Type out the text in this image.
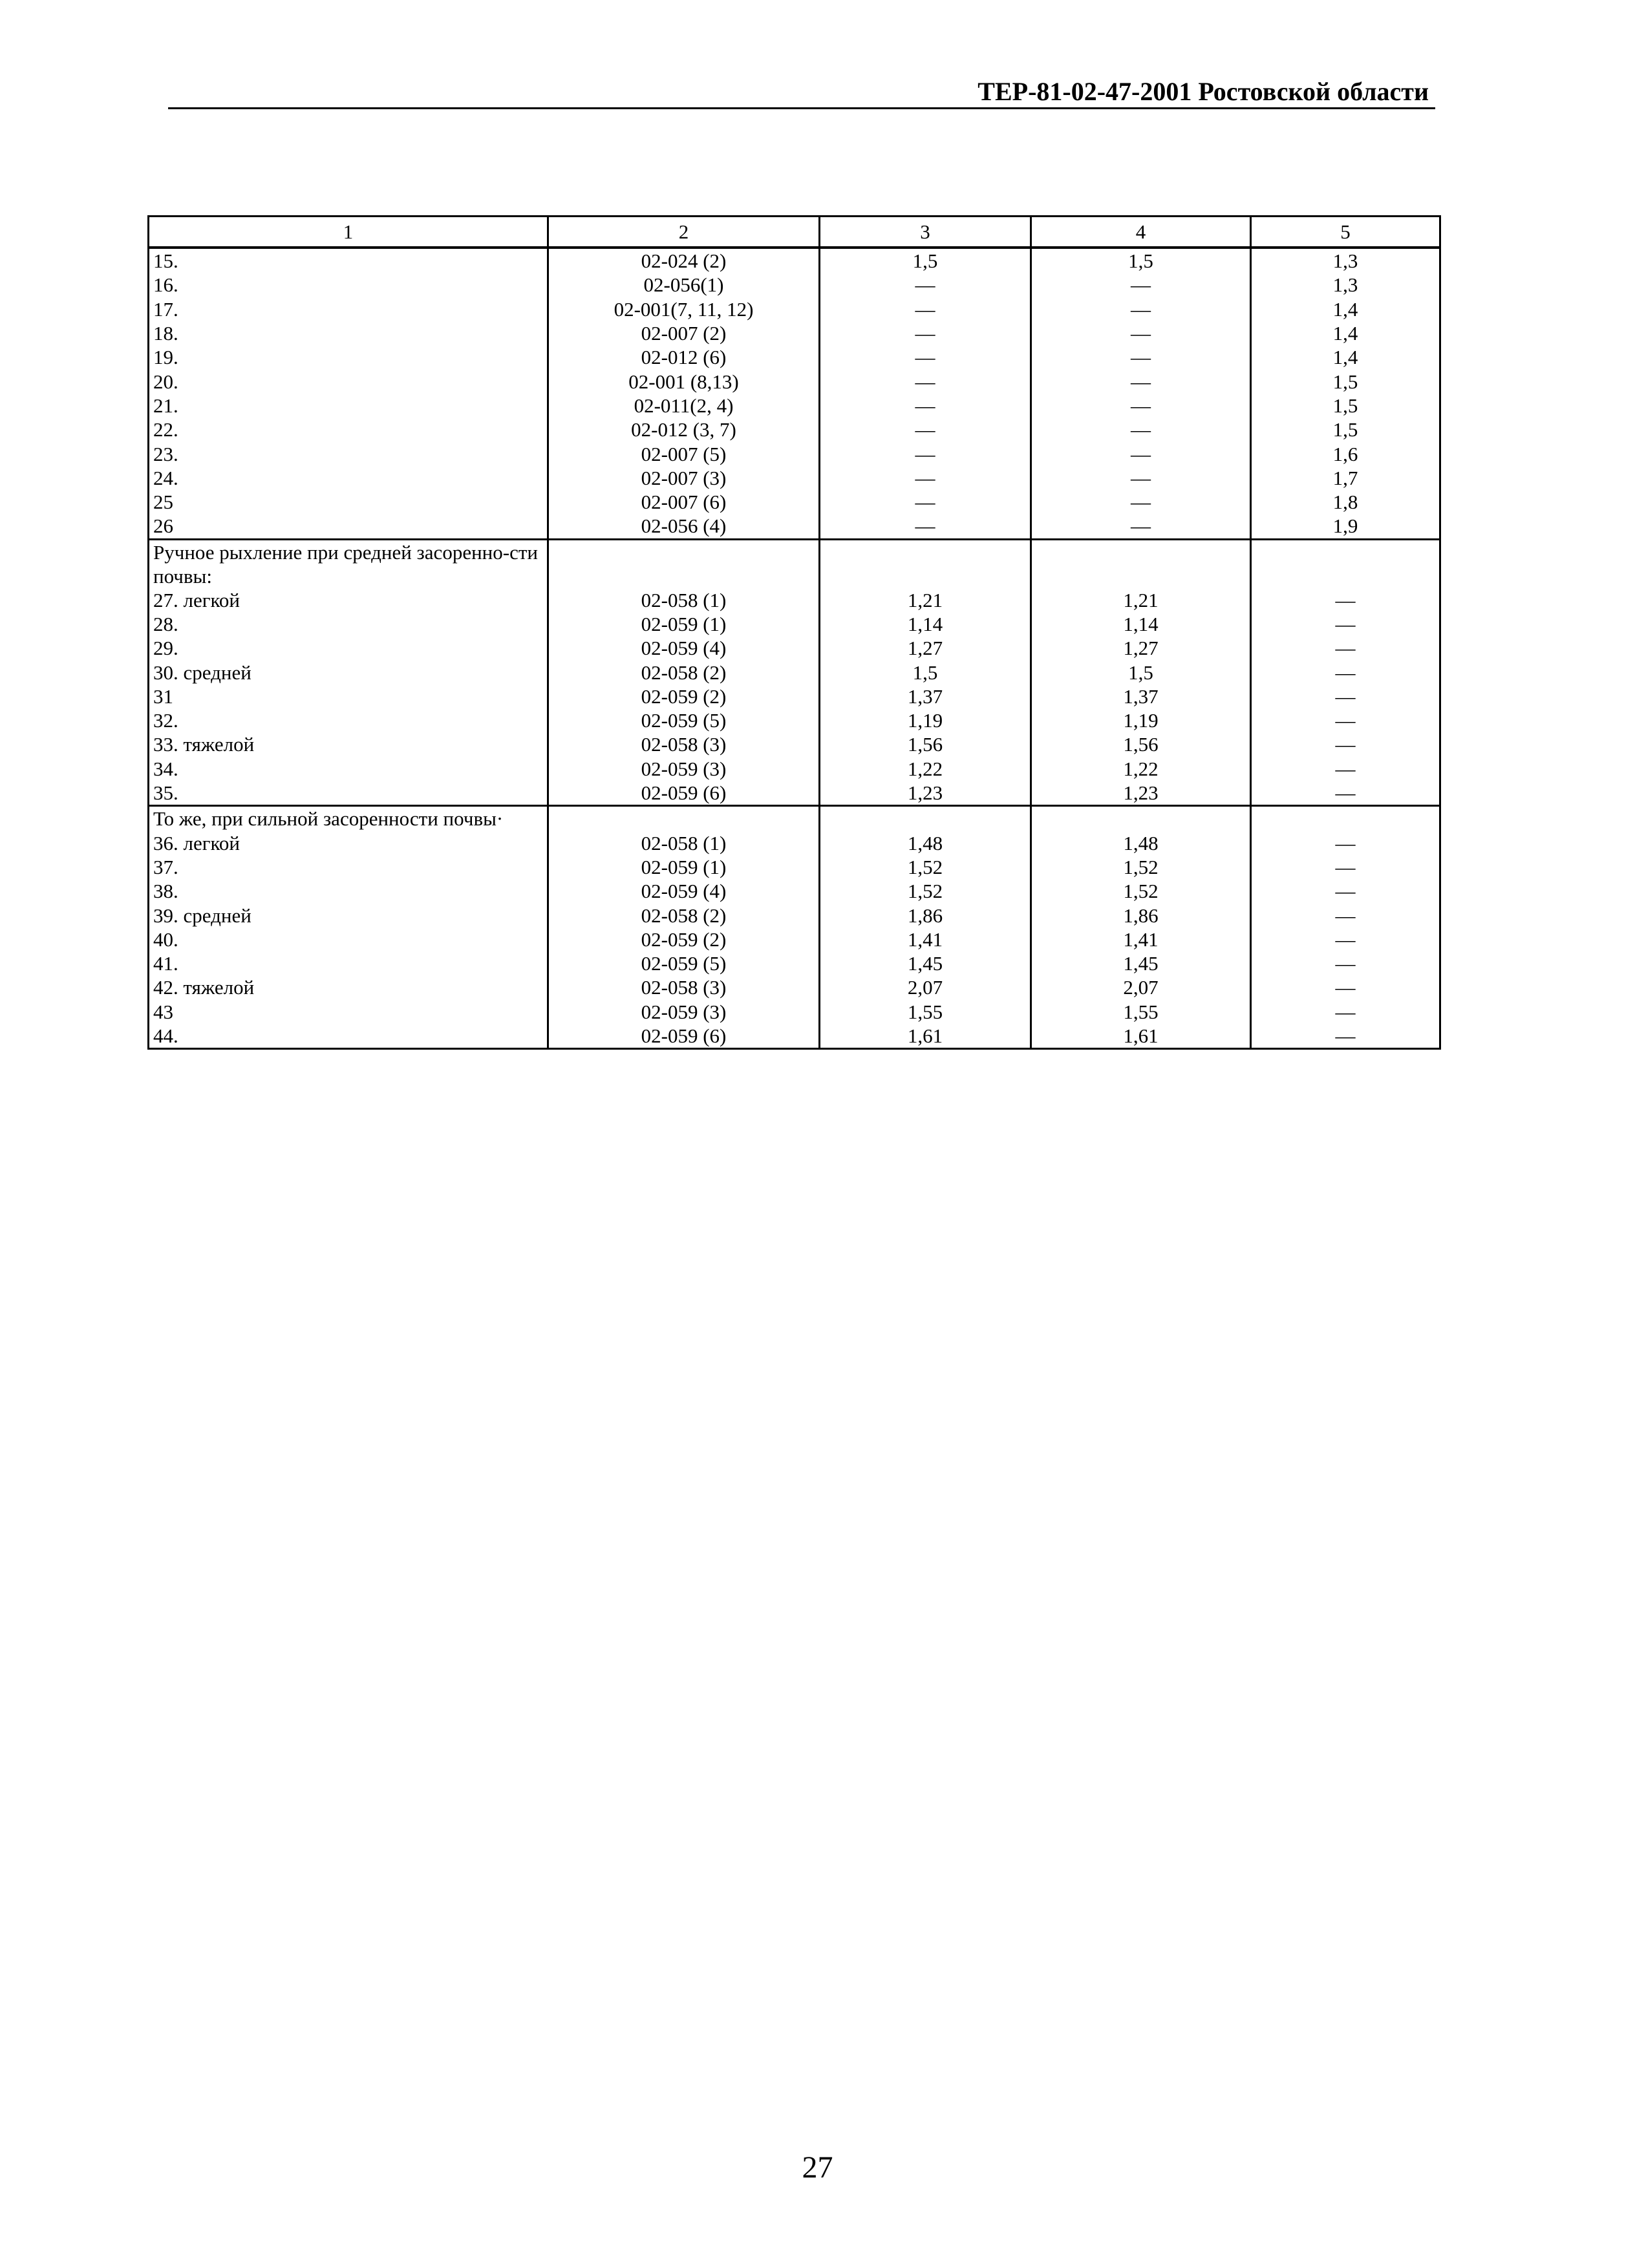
ТЕР-81-02-47-2001 Ростовской области
1	2	3	4	5
15.	02-024 (2)	1,5	1,5	1,3
16.	02-056(1)	—	—	1,3
17.	02-001(7, 11, 12)	—	—	1,4
18.	02-007 (2)	—	—	1,4
19.	02-012 (6)	—	—	1,4
20.	02-001 (8,13)	—	—	1,5
21.	02-011(2, 4)	—	—	1,5
22.	02-012 (3, 7)	—	—	1,5
23.	02-007 (5)	—	—	1,6
24.	02-007 (3)	—	—	1,7
25	02-007 (6)	—	—	1,8
26	02-056 (4)	—	—	1,9
Ручное рыхление при средней засоренно-сти почвы:				
27. легкой	02-058 (1)	1,21	1,21	—
28.	02-059 (1)	1,14	1,14	—
29.	02-059 (4)	1,27	1,27	—
30. средней	02-058 (2)	1,5	1,5	—
31	02-059 (2)	1,37	1,37	—
32.	02-059 (5)	1,19	1,19	—
33. тяжелой	02-058 (3)	1,56	1,56	—
34.	02-059 (3)	1,22	1,22	—
35.	02-059 (6)	1,23	1,23	—
То же, при сильной засоренности почвы·				
36. легкой	02-058 (1)	1,48	1,48	—
37.	02-059 (1)	1,52	1,52	—
38.	02-059 (4)	1,52	1,52	—
39. средней	02-058 (2)	1,86	1,86	—
40.	02-059 (2)	1,41	1,41	—
41.	02-059 (5)	1,45	1,45	—
42. тяжелой	02-058 (3)	2,07	2,07	—
43	02-059 (3)	1,55	1,55	—
44.	02-059 (6)	1,61	1,61	—
27
